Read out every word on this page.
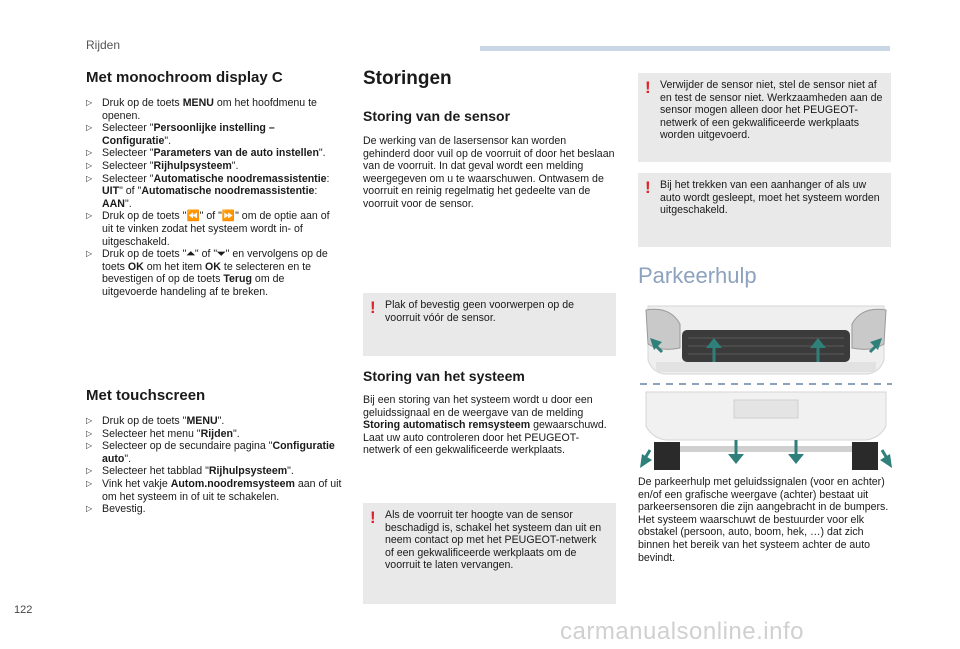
Rijden
Met monochroom display C
▷ Druk op de toets MENU om het hoofdmenu te openen.
▷ Selecteer "Persoonlijke instelling – Configuratie".
▷ Selecteer "Parameters van de auto instellen".
▷ Selecteer "Rijhulpsysteem".
▷ Selecteer "Automatische noodremassistentie: UIT" of "Automatische noodremassistentie: AAN".
▷ Druk op de toets "⏪" of "⏩" om de optie aan of uit te vinken zodat het systeem wordt in- of uitgeschakeld.
▷ Druk op de toets "⏶" of "⏷" en vervolgens op de toets OK om het item OK te selecteren en te bevestigen of op de toets Terug om de uitgevoerde handeling af te breken.
Met touchscreen
▷ Druk op de toets "MENU".
▷ Selecteer het menu "Rijden".
▷ Selecteer op de secundaire pagina "Configuratie auto".
▷ Selecteer het tabblad "Rijhulpsysteem".
▷ Vink het vakje Autom.noodremsysteem aan of uit om het systeem in of uit te schakelen.
▷ Bevestig.
Storingen
Storing van de sensor
De werking van de lasersensor kan worden gehinderd door vuil op de voorruit of door het beslaan van de voorruit. In dat geval wordt een melding weergegeven om u te waarschuwen. Ontwasem de voorruit en reinig regelmatig het gedeelte van de voorruit voor de sensor.
! Plak of bevestig geen voorwerpen op de voorruit vóór de sensor.
Storing van het systeem
Bij een storing van het systeem wordt u door een geluidssignaal en de weergave van de melding Storing automatisch remsysteem gewaarschuwd.
Laat uw auto controleren door het PEUGEOT-netwerk of een gekwalificeerde werkplaats.
! Als de voorruit ter hoogte van de sensor beschadigd is, schakel het systeem dan uit en neem contact op met het PEUGEOT-netwerk of een gekwalificeerde werkplaats om de voorruit te laten vervangen.
! Verwijder de sensor niet, stel de sensor niet af en test de sensor niet. Werkzaamheden aan de sensor mogen alleen door het PEUGEOT-netwerk of een gekwalificeerde werkplaats worden uitgevoerd.
! Bij het trekken van een aanhanger of als uw auto wordt gesleept, moet het systeem worden uitgeschakeld.
Parkeerhulp
De parkeerhulp met geluidssignalen (voor en achter) en/of een grafische weergave (achter) bestaat uit parkeersensoren die zijn aangebracht in de bumpers.
Het systeem waarschuwt de bestuurder voor elk obstakel (persoon, auto, boom, hek, …) dat zich binnen het bereik van het systeem achter de auto bevindt.
122
carmanualsonline.info
